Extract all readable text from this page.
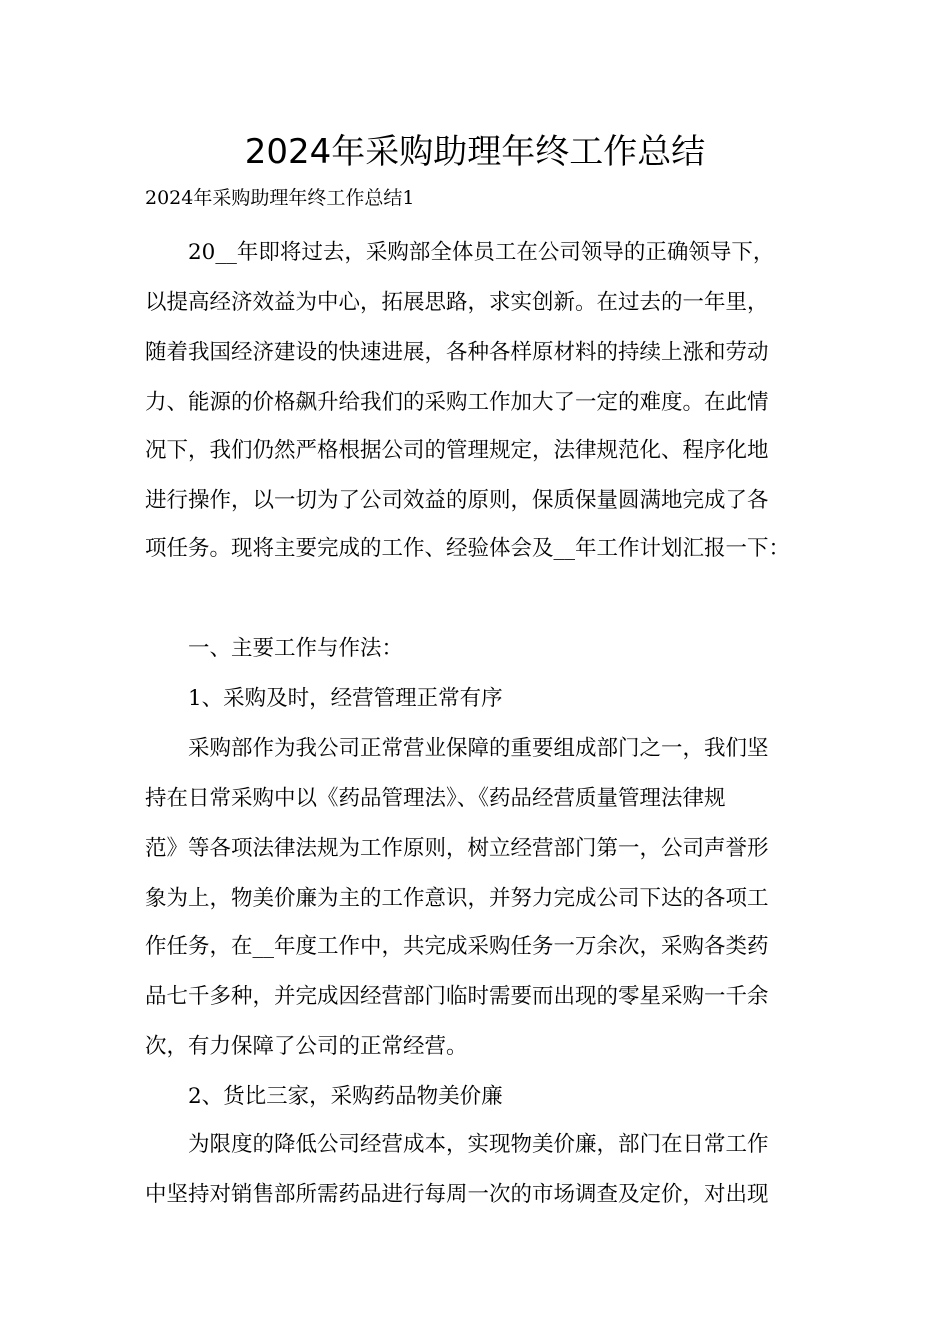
2024年采购助理年终工作总结
2024年采购助理年终工作总结1
20__年即将过去，采购部全体员工在公司领导的正确领导下，
以提高经济效益为中心，拓展思路，求实创新。在过去的一年里，
随着我国经济建设的快速进展，各种各样原材料的持续上涨和劳动
力、能源的价格飙升给我们的采购工作加大了一定的难度。在此情
况下，我们仍然严格根据公司的管理规定，法律规范化、程序化地
进行操作，以一切为了公司效益的原则，保质保量圆满地完成了各
项任务。现将主要完成的工作、经验体会及__年工作计划汇报一下：
一、主要工作与作法：
1、采购及时，经营管理正常有序
采购部作为我公司正常营业保障的重要组成部门之一，我们坚
持在日常采购中以《药品管理法》、《药品经营质量管理法律规
范》等各项法律法规为工作原则，树立经营部门第一，公司声誉形
象为上，物美价廉为主的工作意识，并努力完成公司下达的各项工
作任务，在__年度工作中，共完成采购任务一万余次，采购各类药
品七千多种，并完成因经营部门临时需要而出现的零星采购一千余
次，有力保障了公司的正常经营。
2、货比三家，采购药品物美价廉
为限度的降低公司经营成本，实现物美价廉，部门在日常工作
中坚持对销售部所需药品进行每周一次的市场调查及定价，对出现
